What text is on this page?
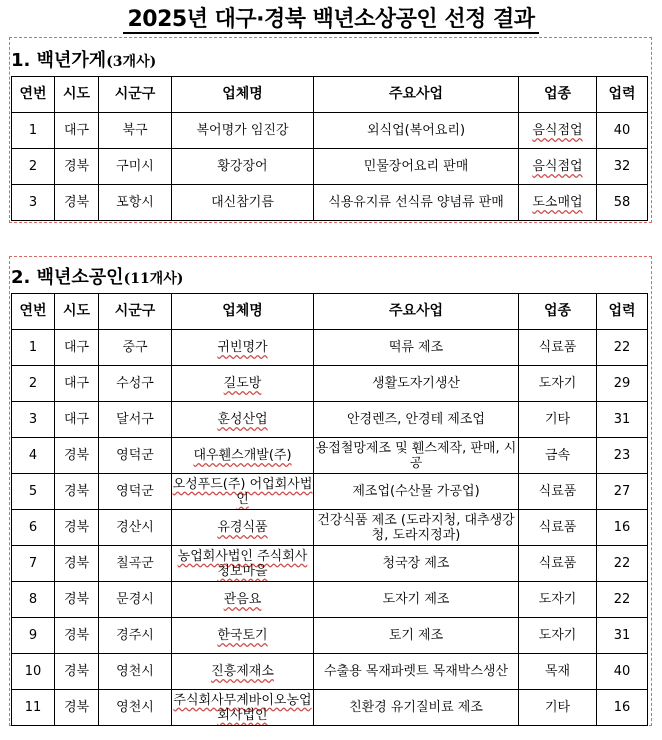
2025년 대구·경북 백년소상공인 선정 결과
1. 백년가게(3개사)
연번	시도	시군구	업체명	주요사업	업종	업력
1	대구	북구	복어명가 임진강	외식업(복어요리)	음식점업	40
2	경북	구미시	황강장어	민물장어요리 판매	음식점업	32
3	경북	포항시	대신참기름	식용유지류 선식류 양념류 판매	도소매업	58
2. 백년소공인(11개사)
연번	시도	시군구	업체명	주요사업	업종	업력
1	대구	중구	귀빈명가	떡류 제조	식료품	22
2	대구	수성구	길도방	생활도자기생산	도자기	29
3	대구	달서구	훈성산업	안경렌즈, 안경테 제조업	기타	31
4	경북	영덕군	대우휀스개발(주)	용접철망제조 및 휀스제작, 판매, 시공	금속	23
5	경북	영덕군	오성푸드(주) 어업회사법인	제조업(수산물 가공업)	식료품	27
6	경북	경산시	유경식품	건강식품 제조 (도라지청, 대추생강청, 도라지정과)	식료품	16
7	경북	칠곡군	농업회사법인 주식회사 청보마을	청국장 제조	식료품	22
8	경북	문경시	관음요	도자기 제조	도자기	22
9	경북	경주시	한국토기	토기 제조	도자기	31
10	경북	영천시	진흥제재소	수출용 목재파렛트 목재박스생산	목재	40
11	경북	영천시	주식회사무계바이오농업회사법인	친환경 유기질비료 제조	기타	16
